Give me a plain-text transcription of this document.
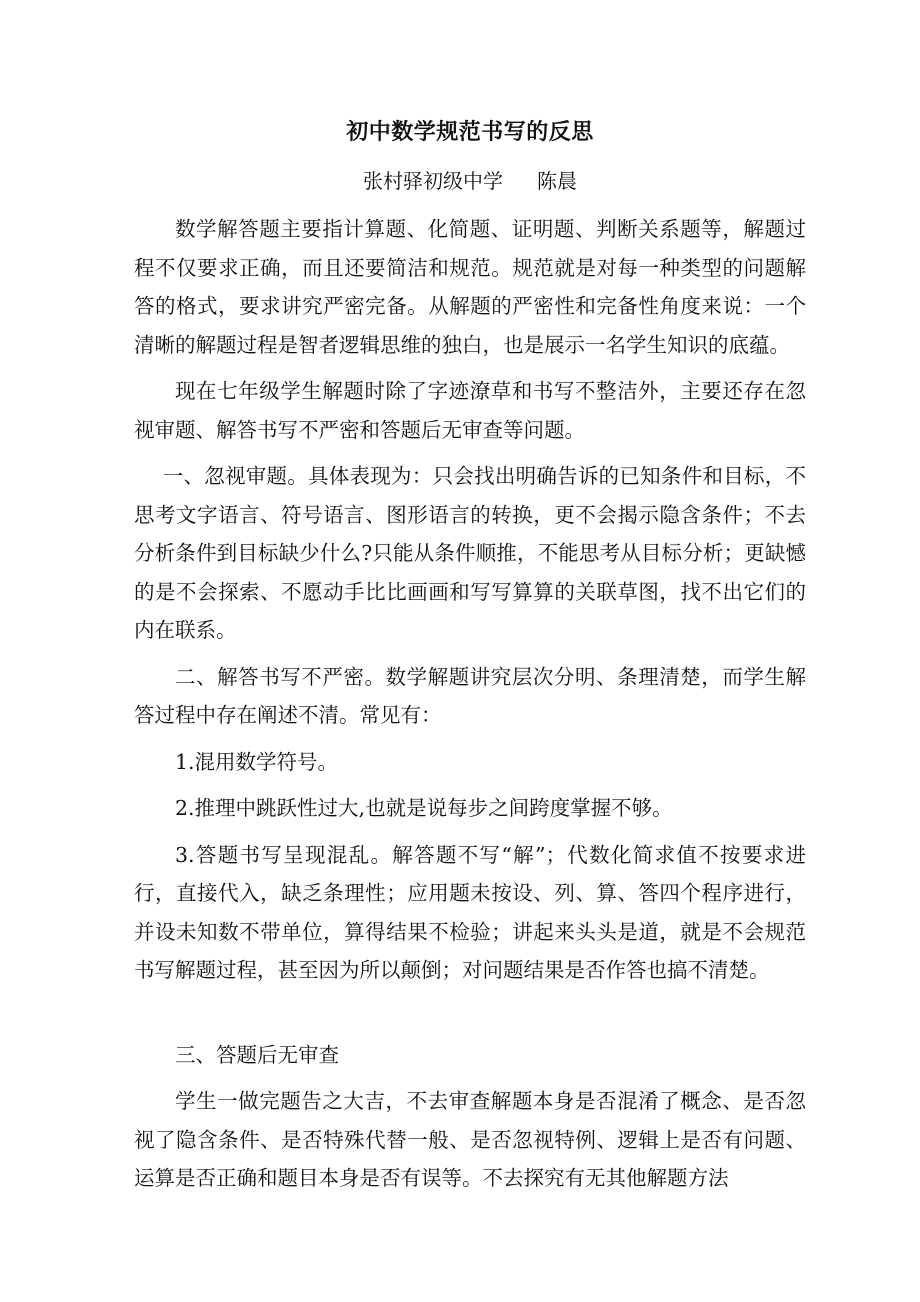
初中数学规范书写的反思

张村驿初级中学 陈晨

数学解答题主要指计算题、化简题、证明题、判断关系题等，解题过程不仅要求正确，而且还要简洁和规范。规范就是对每一种类型的问题解答的格式，要求讲究严密完备。从解题的严密性和完备性角度来说：一个清晰的解题过程是智者逻辑思维的独白，也是展示一名学生知识的底蕴。

现在七年级学生解题时除了字迹潦草和书写不整洁外，主要还存在忽视审题、解答书写不严密和答题后无审查等问题。

一、忽视审题。具体表现为：只会找出明确告诉的已知条件和目标，不思考文字语言、符号语言、图形语言的转换，更不会揭示隐含条件；不去分析条件到目标缺少什么?只能从条件顺推，不能思考从目标分析；更缺憾的是不会探索、不愿动手比比画画和写写算算的关联草图，找不出它们的内在联系。

二、解答书写不严密。数学解题讲究层次分明、条理清楚，而学生解答过程中存在阐述不清。常见有：

1.混用数学符号。

2.推理中跳跃性过大,也就是说每步之间跨度掌握不够。

3.答题书写呈现混乱。解答题不写“解”；代数化简求值不按要求进行，直接代入，缺乏条理性；应用题未按设、列、算、答四个程序进行，并设未知数不带单位，算得结果不检验；讲起来头头是道，就是不会规范书写解题过程，甚至因为所以颠倒；对问题结果是否作答也搞不清楚。

三、答题后无审查

学生一做完题告之大吉，不去审查解题本身是否混淆了概念、是否忽视了隐含条件、是否特殊代替一般、是否忽视特例、逻辑上是否有问题、运算是否正确和题目本身是否有误等。不去探究有无其他解题方法
